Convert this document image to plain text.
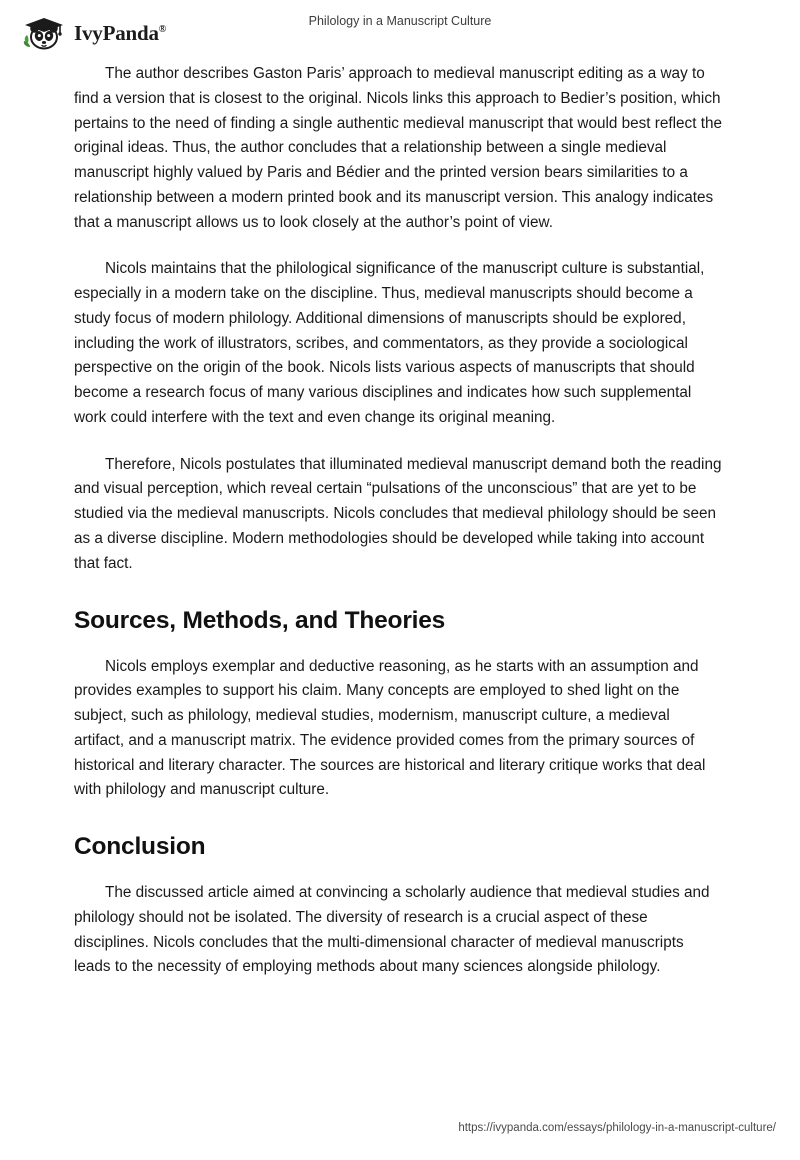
IvyPanda®
Philology in a Manuscript Culture

The author describes Gaston Paris’ approach to medieval manuscript editing as a way to find a version that is closest to the original. Nicols links this approach to Bedier’s position, which pertains to the need of finding a single authentic medieval manuscript that would best reflect the original ideas. Thus, the author concludes that a relationship between a single medieval manuscript highly valued by Paris and Bédier and the printed version bears similarities to a relationship between a modern printed book and its manuscript version. This analogy indicates that a manuscript allows us to look closely at the author’s point of view.

Nicols maintains that the philological significance of the manuscript culture is substantial, especially in a modern take on the discipline. Thus, medieval manuscripts should become a study focus of modern philology. Additional dimensions of manuscripts should be explored, including the work of illustrators, scribes, and commentators, as they provide a sociological perspective on the origin of the book. Nicols lists various aspects of manuscripts that should become a research focus of many various disciplines and indicates how such supplemental work could interfere with the text and even change its original meaning.

Therefore, Nicols postulates that illuminated medieval manuscript demand both the reading and visual perception, which reveal certain “pulsations of the unconscious” that are yet to be studied via the medieval manuscripts. Nicols concludes that medieval philology should be seen as a diverse discipline. Modern methodologies should be developed while taking into account that fact.

Sources, Methods, and Theories

Nicols employs exemplar and deductive reasoning, as he starts with an assumption and provides examples to support his claim. Many concepts are employed to shed light on the subject, such as philology, medieval studies, modernism, manuscript culture, a medieval artifact, and a manuscript matrix. The evidence provided comes from the primary sources of historical and literary character. The sources are historical and literary critique works that deal with philology and manuscript culture.

Conclusion

The discussed article aimed at convincing a scholarly audience that medieval studies and philology should not be isolated. The diversity of research is a crucial aspect of these disciplines. Nicols concludes that the multi-dimensional character of medieval manuscripts leads to the necessity of employing methods about many sciences alongside philology.

https://ivypanda.com/essays/philology-in-a-manuscript-culture/
